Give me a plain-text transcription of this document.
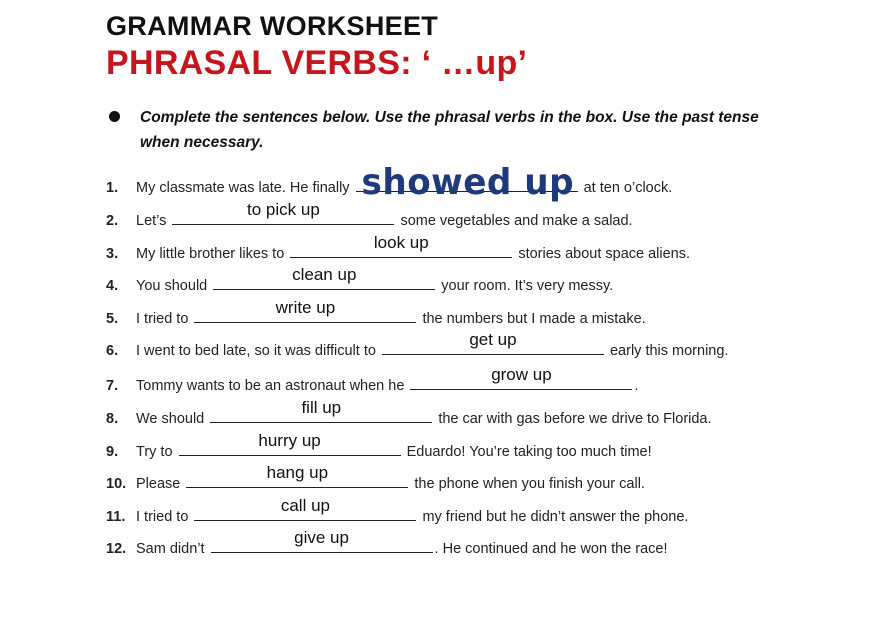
GRAMMAR WORKSHEET
PHRASAL VERBS: ‘ …up’
Complete the sentences below. Use the phrasal verbs in the box. Use the past tense when necessary.
1. My classmate was late. He finally showed up at ten o’clock.
2. Let’s
to pick up
some vegetables and make a salad.
3. My little brother likes to
look up
stories about space aliens.
4. You should
clean up
your room. It’s very messy.
5. I tried to
write up
the numbers but I made a mistake.
6. I went to bed late, so it was difficult to
get up
early this morning.
7. Tommy wants to be an astronaut when he
grow up
.
8. We should
fill up
the car with gas before we drive to Florida.
9. Try to
hurry up
Eduardo! You’re taking too much time!
10. Please
hang up
the phone when you finish your call.
11. I tried to
call up
my friend but he didn’t answer the phone.
12. Sam didn’t
give up
. He continued and he won the race!
